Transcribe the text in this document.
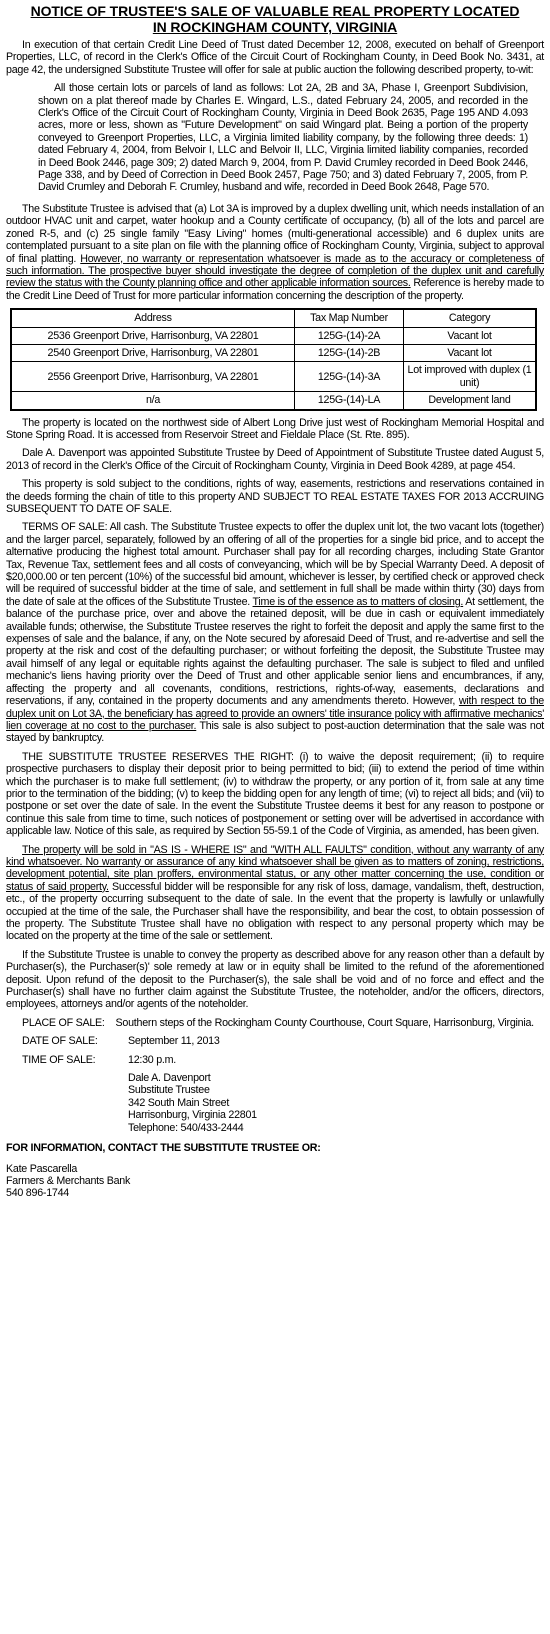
NOTICE OF TRUSTEE'S SALE OF VALUABLE REAL PROPERTY LOCATED
IN ROCKINGHAM COUNTY, VIRGINIA

In execution of that certain Credit Line Deed of Trust dated December 12, 2008, executed on behalf of Greenport Properties, LLC, of record in the Clerk's Office of the Circuit Court of Rockingham County, in Deed Book No. 3431, at page 42, the undersigned Substitute Trustee will offer for sale at public auction the following described property, to-wit:

All those certain lots or parcels of land as follows: Lot 2A, 2B and 3A, Phase I, Greenport Subdivision, shown on a plat thereof made by Charles E. Wingard, L.S., dated February 24, 2005, and recorded in the Clerk's Office of the Circuit Court of Rockingham County, Virginia in Deed Book 2635, Page 195 AND 4.093 acres, more or less, shown as "Future Development" on said Wingard plat. Being a portion of the property conveyed to Greenport Properties, LLC, a Virginia limited liability company, by the following three deeds: 1) dated February 4, 2004, from Belvoir I, LLC and Belvoir II, LLC, Virginia limited liability companies, recorded in Deed Book 2446, page 309; 2) dated March 9, 2004, from P. David Crumley recorded in Deed Book 2446, Page 338, and by Deed of Correction in Deed Book 2457, Page 750; and 3) dated February 7, 2005, from P. David Crumley and Deborah F. Crumley, husband and wife, recorded in Deed Book 2648, Page 570.

The Substitute Trustee is advised that (a) Lot 3A is improved by a duplex dwelling unit, which needs installation of an outdoor HVAC unit and carpet, water hookup and a County certificate of occupancy, (b) all of the lots and parcel are zoned R-5, and (c) 25 single family "Easy Living" homes (multi-generational accessible) and 6 duplex units are contemplated pursuant to a site plan on file with the planning office of Rockingham County, Virginia, subject to approval of final platting. However, no warranty or representation whatsoever is made as to the accuracy or completeness of such information. The prospective buyer should investigate the degree of completion of the duplex unit and carefully review the status with the County planning office and other applicable information sources. Reference is hereby made to the Credit Line Deed of Trust for more particular information concerning the description of the property.

Address	Tax Map Number	Category
2536 Greenport Drive, Harrisonburg, VA 22801	125G-(14)-2A	Vacant lot
2540 Greenport Drive, Harrisonburg, VA 22801	125G-(14)-2B	Vacant lot
2556 Greenport Drive, Harrisonburg, VA 22801	125G-(14)-3A	Lot improved with duplex (1 unit)
n/a	125G-(14)-LA	Development land

The property is located on the northwest side of Albert Long Drive just west of Rockingham Memorial Hospital and Stone Spring Road. It is accessed from Reservoir Street and Fieldale Place (St. Rte. 895).

Dale A. Davenport was appointed Substitute Trustee by Deed of Appointment of Substitute Trustee dated August 5, 2013 of record in the Clerk's Office of the Circuit of Rockingham County, Virginia in Deed Book 4289, at page 454.

This property is sold subject to the conditions, rights of way, easements, restrictions and reservations contained in the deeds forming the chain of title to this property AND SUBJECT TO REAL ESTATE TAXES FOR 2013 ACCRUING SUBSEQUENT TO DATE OF SALE.

TERMS OF SALE: All cash. The Substitute Trustee expects to offer the duplex unit lot, the two vacant lots (together) and the larger parcel, separately, followed by an offering of all of the properties for a single bid price, and to accept the alternative producing the highest total amount. Purchaser shall pay for all recording charges, including State Grantor Tax, Revenue Tax, settlement fees and all costs of conveyancing, which will be by Special Warranty Deed. A deposit of $20,000.00 or ten percent (10%) of the successful bid amount, whichever is lesser, by certified check or approved check will be required of successful bidder at the time of sale, and settlement in full shall be made within thirty (30) days from the date of sale at the offices of the Substitute Trustee. Time is of the essence as to matters of closing. At settlement, the balance of the purchase price, over and above the retained deposit, will be due in cash or equivalent immediately available funds; otherwise, the Substitute Trustee reserves the right to forfeit the deposit and apply the same first to the expenses of sale and the balance, if any, on the Note secured by aforesaid Deed of Trust, and re-advertise and sell the property at the risk and cost of the defaulting purchaser; or without forfeiting the deposit, the Substitute Trustee may avail himself of any legal or equitable rights against the defaulting purchaser. The sale is subject to filed and unfiled mechanic's liens having priority over the Deed of Trust and other applicable senior liens and encumbrances, if any, affecting the property and all covenants, conditions, restrictions, rights-of-way, easements, declarations and reservations, if any, contained in the property documents and any amendments thereto. However, with respect to the duplex unit on Lot 3A, the beneficiary has agreed to provide an owners' title insurance policy with affirmative mechanics' lien coverage at no cost to the purchaser. This sale is also subject to post-auction determination that the sale was not stayed by bankruptcy.

THE SUBSTITUTE TRUSTEE RESERVES THE RIGHT: (i) to waive the deposit requirement; (ii) to require prospective purchasers to display their deposit prior to being permitted to bid; (iii) to extend the period of time within which the purchaser is to make full settlement; (iv) to withdraw the property, or any portion of it, from sale at any time prior to the termination of the bidding; (v) to keep the bidding open for any length of time; (vi) to reject all bids; and (vii) to postpone or set over the date of sale. In the event the Substitute Trustee deems it best for any reason to postpone or continue this sale from time to time, such notices of postponement or setting over will be advertised in accordance with applicable law. Notice of this sale, as required by Section 55-59.1 of the Code of Virginia, as amended, has been given.

The property will be sold in "AS IS - WHERE IS" and "WITH ALL FAULTS" condition, without any warranty of any kind whatsoever. No warranty or assurance of any kind whatsoever shall be given as to matters of zoning, restrictions, development potential, site plan proffers, environmental status, or any other matter concerning the use, condition or status of said property. Successful bidder will be responsible for any risk of loss, damage, vandalism, theft, destruction, etc., of the property occurring subsequent to the date of sale. In the event that the property is lawfully or unlawfully occupied at the time of the sale, the Purchaser shall have the responsibility, and bear the cost, to obtain possession of the property. The Substitute Trustee shall have no obligation with respect to any personal property which may be located on the property at the time of the sale or settlement.

If the Substitute Trustee is unable to convey the property as described above for any reason other than a default by Purchaser(s), the Purchaser(s)' sole remedy at law or in equity shall be limited to the refund of the aforementioned deposit. Upon refund of the deposit to the Purchaser(s), the sale shall be void and of no force and effect and the Purchaser(s) shall have no further claim against the Substitute Trustee, the noteholder, and/or the officers, directors, employees, attorneys and/or agents of the noteholder.

PLACE OF SALE: Southern steps of the Rockingham County Courthouse, Court Square, Harrisonburg, Virginia.

DATE OF SALE:	September 11, 2013
TIME OF SALE:	12:30 p.m.
Dale A. Davenport
Substitute Trustee
342 South Main Street
Harrisonburg, Virginia 22801
Telephone: 540/433-2444
FOR INFORMATION, CONTACT THE SUBSTITUTE TRUSTEE OR:
Kate Pascarella
Farmers & Merchants Bank
540 896-1744
